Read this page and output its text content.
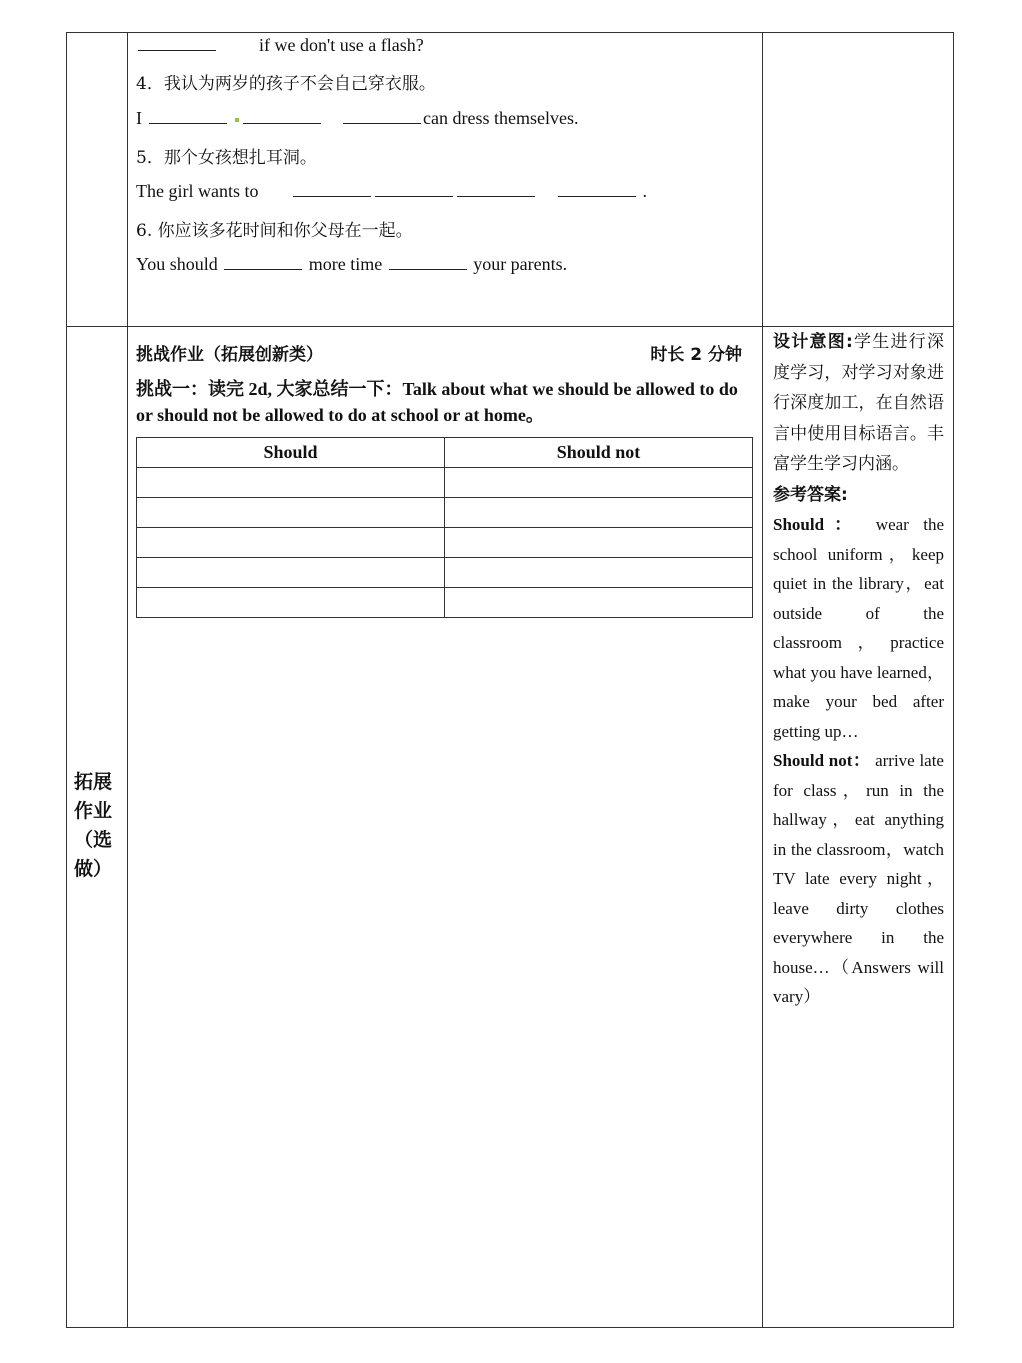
if we don't use a flash?
4．我认为两岁的孩子不会自己穿衣服。
I	can dress themselves.
5．那个女孩想扎耳洞。
The girl wants to	.
6. 你应该多花时间和你父母在一起。
You should	more time	your parents.
拓展作业（选做）
挑战作业（拓展创新类）	时长 2 分钟
挑战一：读完 2d, 大家总结一下：Talk about what we should be allowed to do or should not be allowed to do at school or at home。
Should	Should not

设计意图:学生进行深度学习，对学习对象进行深度加工，在自然语言中使用目标语言。丰富学生学习内涵。
参考答案:
Should： wear the school uniform，keep quiet in the library，eat outside of the classroom，practice what you have learned，make your bed after getting up…
Should not： arrive late for class，run in the hallway，eat anything in the classroom，watch TV late every night，leave dirty clothes everywhere in the house…（Answers will vary）
